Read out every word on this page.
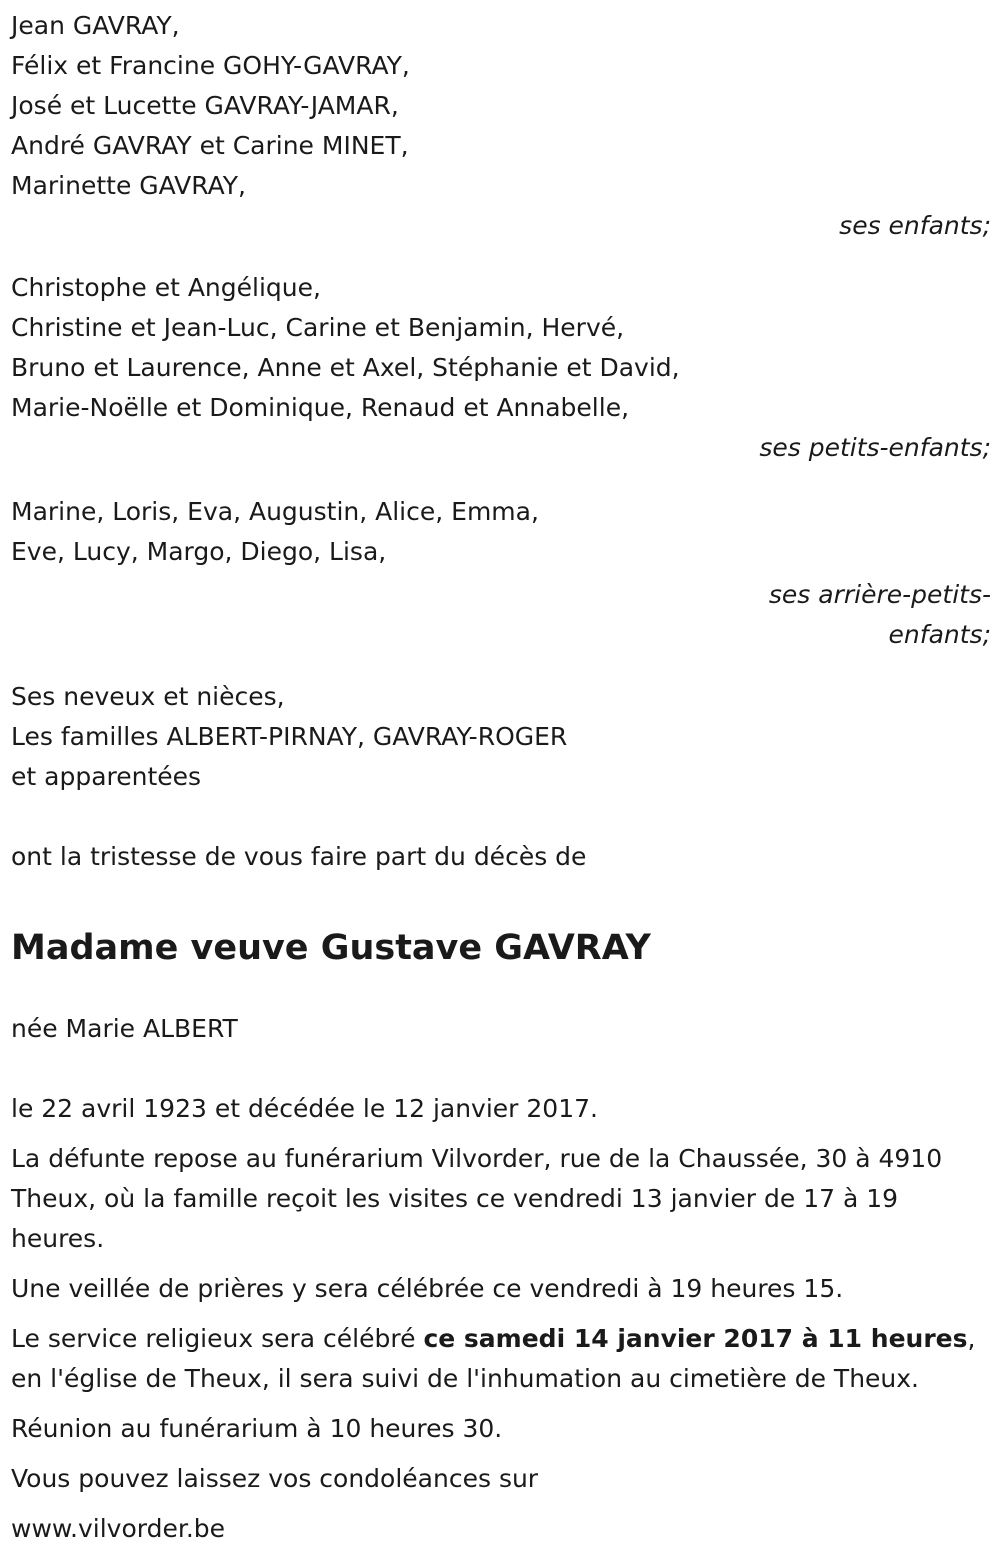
Jean GAVRAY,
Félix et Francine GOHY-GAVRAY,
José et Lucette GAVRAY-JAMAR,
André GAVRAY et Carine MINET,
Marinette GAVRAY,
ses enfants;
Christophe et Angélique,
Christine et Jean-Luc, Carine et Benjamin, Hervé,
Bruno et Laurence, Anne et Axel, Stéphanie et David,
Marie-Noëlle et Dominique, Renaud et Annabelle,
ses petits-enfants;
Marine, Loris, Eva, Augustin, Alice, Emma,
Eve, Lucy, Margo, Diego, Lisa,
ses arrière-petits-
enfants;
Ses neveux et nièces,
Les familles ALBERT-PIRNAY, GAVRAY-ROGER
et apparentées
ont la tristesse de vous faire part du décès de
Madame veuve Gustave GAVRAY
née Marie ALBERT
le 22 avril 1923 et décédée le 12 janvier 2017.
La défunte repose au funérarium Vilvorder, rue de la Chaussée, 30 à 4910 Theux, où la famille reçoit les visites ce vendredi 13 janvier de 17 à 19 heures.
Une veillée de prières y sera célébrée ce vendredi à 19 heures 15.
Le service religieux sera célébré ce samedi 14 janvier 2017 à 11 heures, en l'église de Theux, il sera suivi de l'inhumation au cimetière de Theux.
Réunion au funérarium à 10 heures 30.
Vous pouvez laissez vos condoléances sur
www.vilvorder.be
